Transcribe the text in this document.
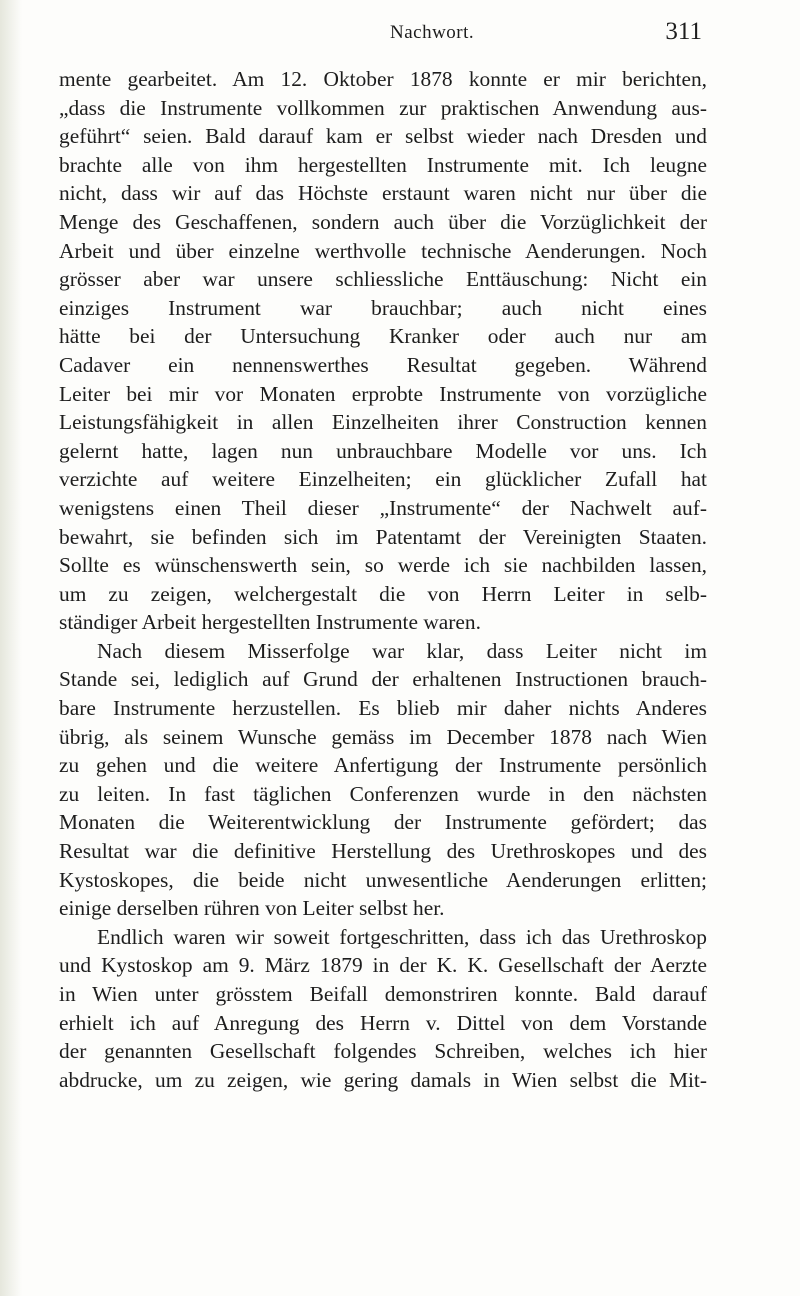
Nachwort.	311
mente gearbeitet. Am 12. Oktober 1878 konnte er mir berichten,
„dass die Instrumente vollkommen zur praktischen Anwendung aus-
geführt“ seien. Bald darauf kam er selbst wieder nach Dresden und
brachte alle von ihm hergestellten Instrumente mit. Ich leugne
nicht, dass wir auf das Höchste erstaunt waren nicht nur über die
Menge des Geschaffenen, sondern auch über die Vorzüglichkeit der
Arbeit und über einzelne werthvolle technische Aenderungen. Noch
grösser aber war unsere schliessliche Enttäuschung: Nicht ein
einziges Instrument war brauchbar; auch nicht eines
hätte bei der Untersuchung Kranker oder auch nur am
Cadaver ein nennenswerthes Resultat gegeben. Während
Leiter bei mir vor Monaten erprobte Instrumente von vorzügliche
Leistungsfähigkeit in allen Einzelheiten ihrer Construction kennen
gelernt hatte, lagen nun unbrauchbare Modelle vor uns. Ich
verzichte auf weitere Einzelheiten; ein glücklicher Zufall hat
wenigstens einen Theil dieser „Instrumente“ der Nachwelt auf-
bewahrt, sie befinden sich im Patentamt der Vereinigten Staaten.
Sollte es wünschenswerth sein, so werde ich sie nachbilden lassen,
um zu zeigen, welchergestalt die von Herrn Leiter in selb-
ständiger Arbeit hergestellten Instrumente waren.
Nach diesem Misserfolge war klar, dass Leiter nicht im
Stande sei, lediglich auf Grund der erhaltenen Instructionen brauch-
bare Instrumente herzustellen. Es blieb mir daher nichts Anderes
übrig, als seinem Wunsche gemäss im December 1878 nach Wien
zu gehen und die weitere Anfertigung der Instrumente persönlich
zu leiten. In fast täglichen Conferenzen wurde in den nächsten
Monaten die Weiterentwicklung der Instrumente gefördert; das
Resultat war die definitive Herstellung des Urethroskopes und des
Kystoskopes, die beide nicht unwesentliche Aenderungen erlitten;
einige derselben rühren von Leiter selbst her.
Endlich waren wir soweit fortgeschritten, dass ich das Urethroskop
und Kystoskop am 9. März 1879 in der K. K. Gesellschaft der Aerzte
in Wien unter grösstem Beifall demonstriren konnte. Bald darauf
erhielt ich auf Anregung des Herrn v. Dittel von dem Vorstande
der genannten Gesellschaft folgendes Schreiben, welches ich hier
abdrucke, um zu zeigen, wie gering damals in Wien selbst die Mit-
